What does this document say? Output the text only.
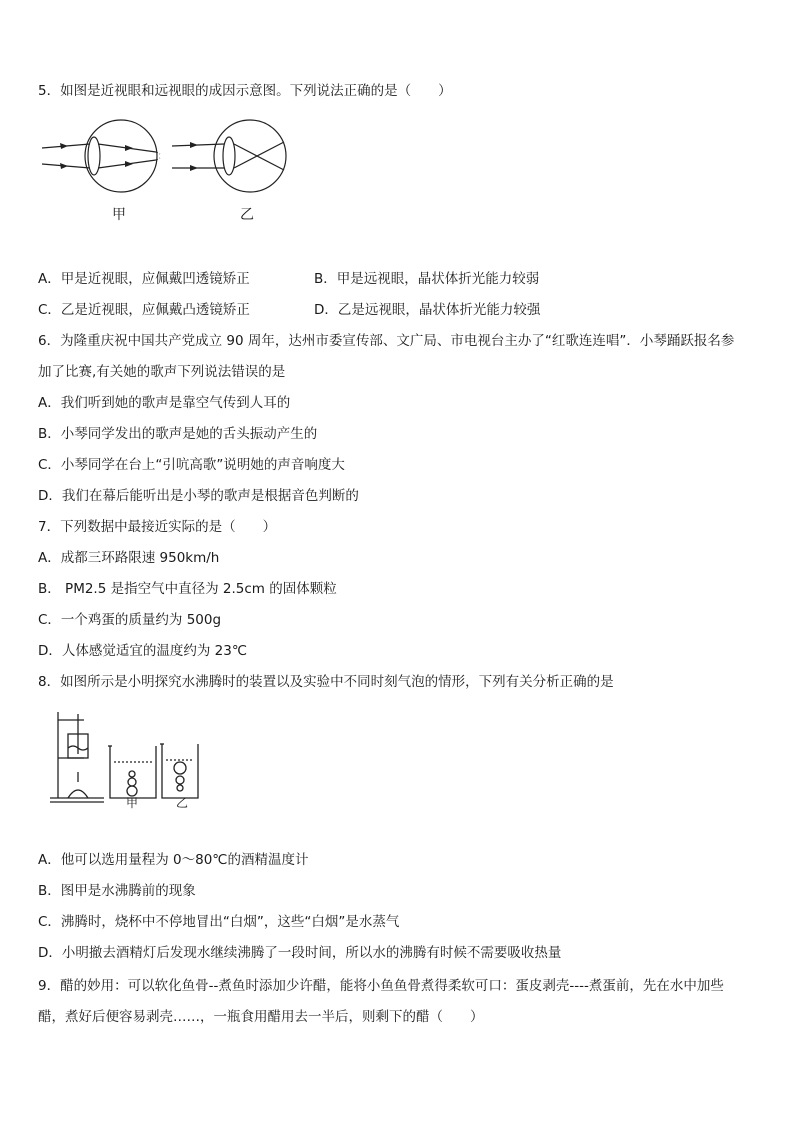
5．如图是近视眼和远视眼的成因示意图。下列说法正确的是（　　）
甲	乙
A．甲是近视眼，应佩戴凹透镜矫正	B．甲是远视眼，晶状体折光能力较弱
C．乙是近视眼，应佩戴凸透镜矫正	D．乙是远视眼，晶状体折光能力较强
6．为隆重庆祝中国共产党成立 90 周年，达州市委宣传部、文广局、市电视台主办了“红歌连连唱”．小琴踊跃报名参
加了比赛,有关她的歌声下列说法错误的是
A．我们听到她的歌声是靠空气传到人耳的
B．小琴同学发出的歌声是她的舌头振动产生的
C．小琴同学在台上“引吭高歌”说明她的声音响度大
D．我们在幕后能听出是小琴的歌声是根据音色判断的
7．下列数据中最接近实际的是（　　）
A．成都三环路限速 950km/h
B． PM2.5 是指空气中直径为 2.5cm 的固体颗粒
C．一个鸡蛋的质量约为 500g
D．人体感觉适宜的温度约为 23℃
8．如图所示是小明探究水沸腾时的装置以及实验中不同时刻气泡的情形，下列有关分析正确的是
甲	乙
A．他可以选用量程为 0～80℃的酒精温度计
B．图甲是水沸腾前的现象
C．沸腾时，烧杯中不停地冒出“白烟”，这些“白烟”是水蒸气
D．小明撤去酒精灯后发现水继续沸腾了一段时间，所以水的沸腾有时候不需要吸收热量
9．醋的妙用：可以软化鱼骨--煮鱼时添加少许醋，能将小鱼鱼骨煮得柔软可口：蛋皮剥壳----煮蛋前，先在水中加些
醋，煮好后便容易剥壳……，一瓶食用醋用去一半后，则剩下的醋（　　）
